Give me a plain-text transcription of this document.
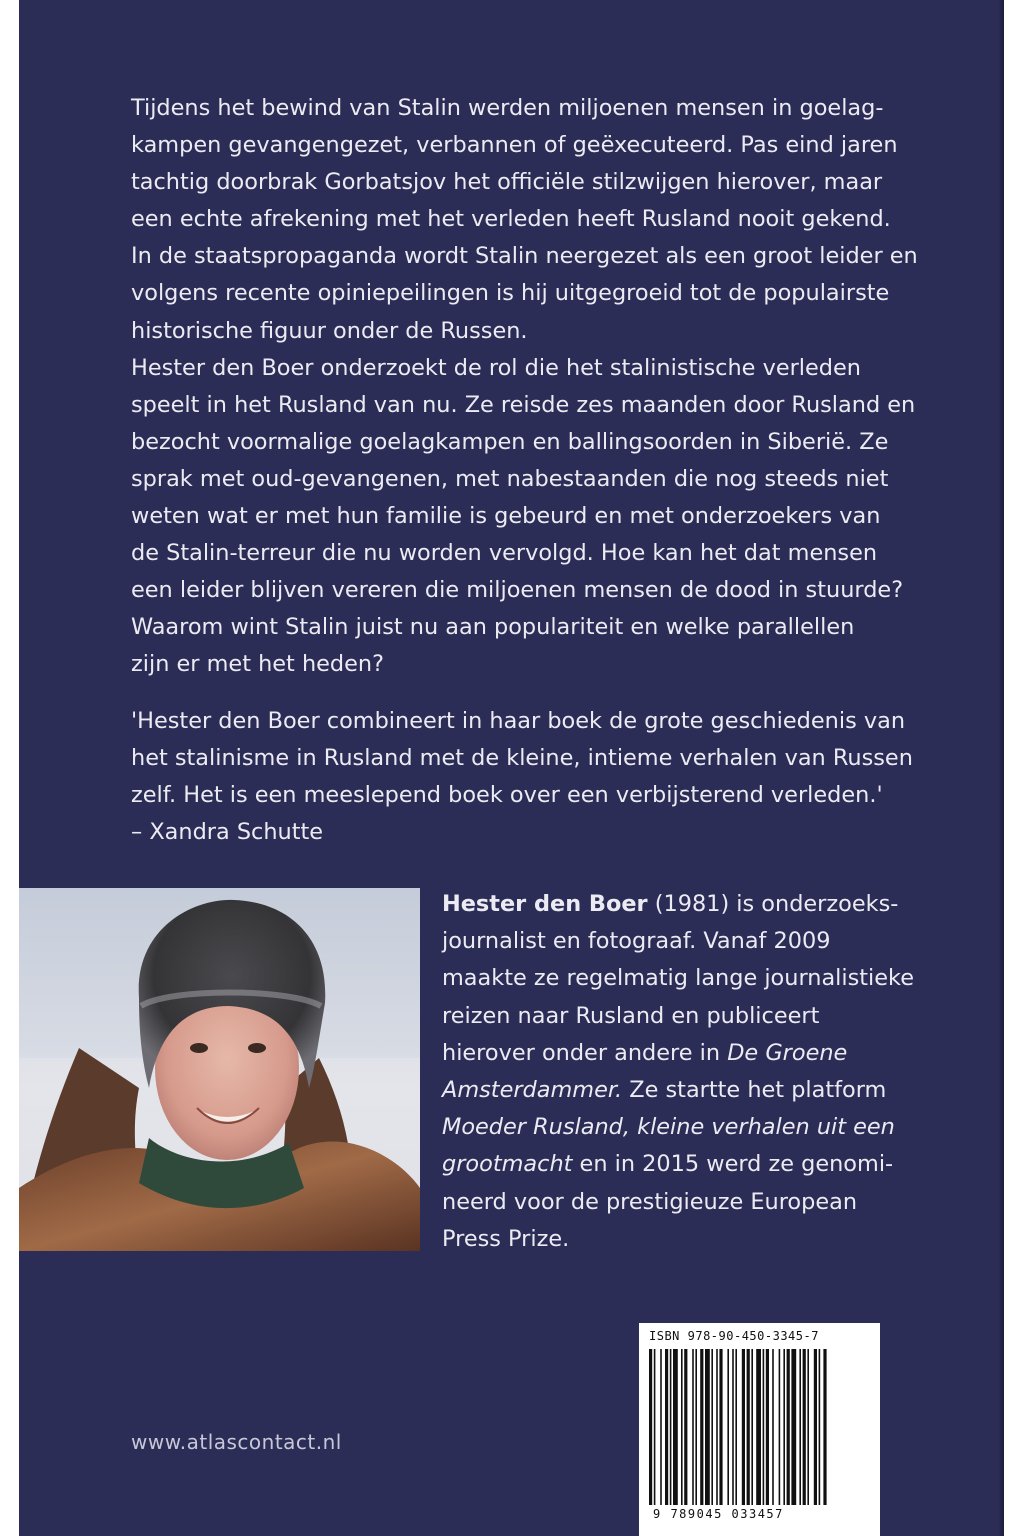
Tijdens het bewind van Stalin werden miljoenen mensen in goelag-
kampen gevangengezet, verbannen of geëxecuteerd. Pas eind jaren
tachtig doorbrak Gorbatsjov het officiële stilzwijgen hierover, maar
een echte afrekening met het verleden heeft Rusland nooit gekend.
In de staatspropaganda wordt Stalin neergezet als een groot leider en
volgens recente opiniepeilingen is hij uitgegroeid tot de populairste
historische figuur onder de Russen.
Hester den Boer onderzoekt de rol die het stalinistische verleden
speelt in het Rusland van nu. Ze reisde zes maanden door Rusland en
bezocht voormalige goelagkampen en ballingsoorden in Siberië. Ze
sprak met oud-gevangenen, met nabestaanden die nog steeds niet
weten wat er met hun familie is gebeurd en met onderzoekers van
de Stalin-terreur die nu worden vervolgd. Hoe kan het dat mensen
een leider blijven vereren die miljoenen mensen de dood in stuurde?
Waarom wint Stalin juist nu aan populariteit en welke parallellen
zijn er met het heden?
'Hester den Boer combineert in haar boek de grote geschiedenis van
het stalinisme in Rusland met de kleine, intieme verhalen van Russen
zelf. Het is een meeslepend boek over een verbijsterend verleden.'
– Xandra Schutte
Hester den Boer (1981) is onderzoeks-
journalist en fotograaf. Vanaf 2009
maakte ze regelmatig lange journalistieke
reizen naar Rusland en publiceert
hierover onder andere in De Groene
Amsterdammer. Ze startte het platform
Moeder Rusland, kleine verhalen uit een
grootmacht en in 2015 werd ze genomi-
neerd voor de prestigieuze European
Press Prize.
www.atlascontact.nl
ISBN 978-90-450-3345-7
9 789045 033457
